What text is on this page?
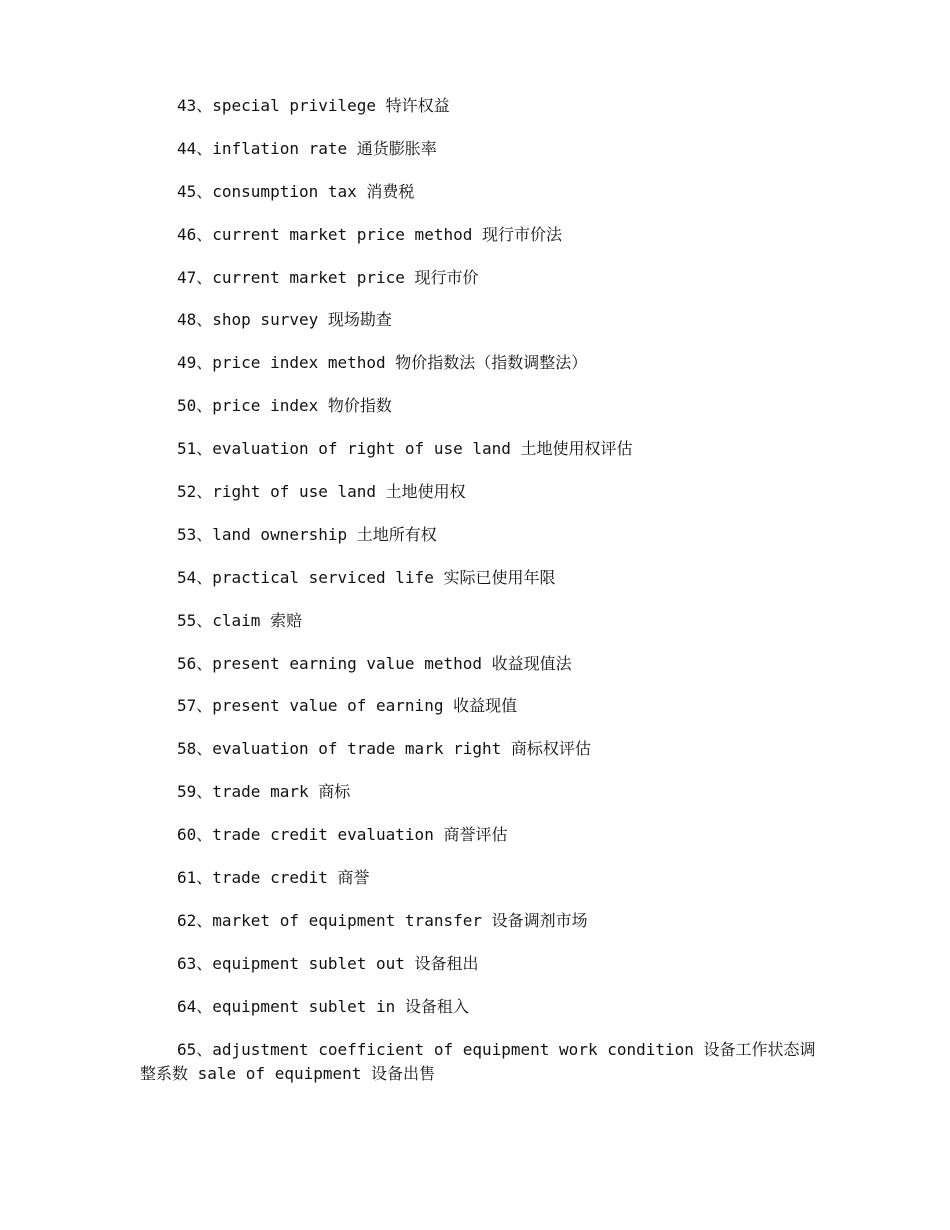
43、special privilege 特许权益
44、inflation rate 通货膨胀率
45、consumption tax 消费税
46、current market price method 现行市价法
47、current market price 现行市价
48、shop survey 现场勘查
49、price index method 物价指数法（指数调整法）
50、price index 物价指数
51、evaluation of right of use land 土地使用权评估
52、right of use land 土地使用权
53、land ownership 土地所有权
54、practical serviced life 实际已使用年限
55、claim 索赔
56、present earning value method 收益现值法
57、present value of earning 收益现值
58、evaluation of trade mark right 商标权评估
59、trade mark 商标
60、trade credit evaluation 商誉评估
61、trade credit 商誉
62、market of equipment transfer 设备调剂市场
63、equipment sublet out 设备租出
64、equipment sublet in 设备租入
65、adjustment coefficient of equipment work condition 设备工作状态调整系数 sale of equipment 设备出售
